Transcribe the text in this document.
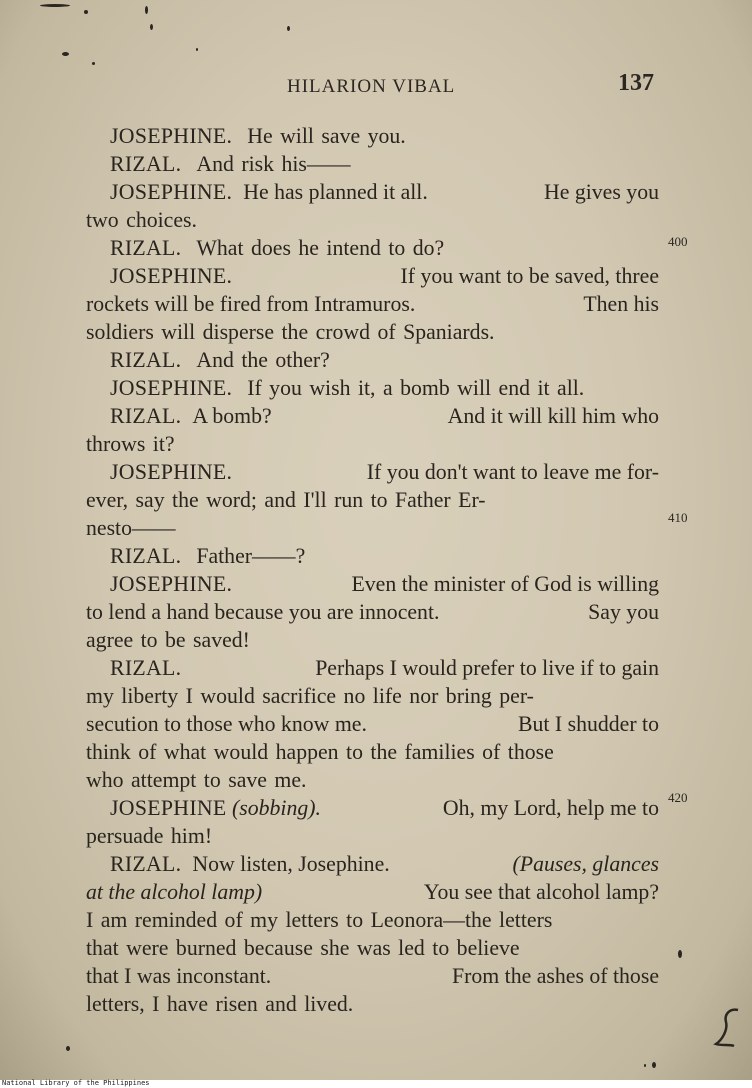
HILARION VIBAL	137
JOSEPHINE.
He will save you.
RIZAL.
And risk his——
JOSEPHINE. He has planned it all.	He gives you
two choices.
RIZAL.
What does he intend to do?
JOSEPHINE.	If you want to be saved, three
rockets will be fired from Intramuros.	Then his
soldiers will disperse the crowd of Spaniards.
RIZAL.
And the other?
JOSEPHINE.
If you wish it, a bomb will end it all.
RIZAL. A bomb?	And it will kill him who
throws it?
JOSEPHINE.	If you don't want to leave me for-
ever, say the word; and I'll run to Father Er-
nesto——
RIZAL.
Father——?
JOSEPHINE.	Even the minister of God is willing
to lend a hand because you are innocent.	Say you
agree to be saved!
RIZAL.	Perhaps I would prefer to live if to gain
my liberty I would sacrifice no life nor bring per-
secution to those who know me.	But I shudder to
think of what would happen to the families of those
who attempt to save me.
JOSEPHINE (sobbing).	Oh, my Lord, help me to
persuade him!
RIZAL. Now listen, Josephine.	(Pauses, glances
at the alcohol lamp)	You see that alcohol lamp?
I am reminded of my letters to Leonora—the letters
that were burned because she was led to believe
that I was inconstant.	From the ashes of those
letters, I have risen and lived.
400
410
420
National Library of the Philippines
